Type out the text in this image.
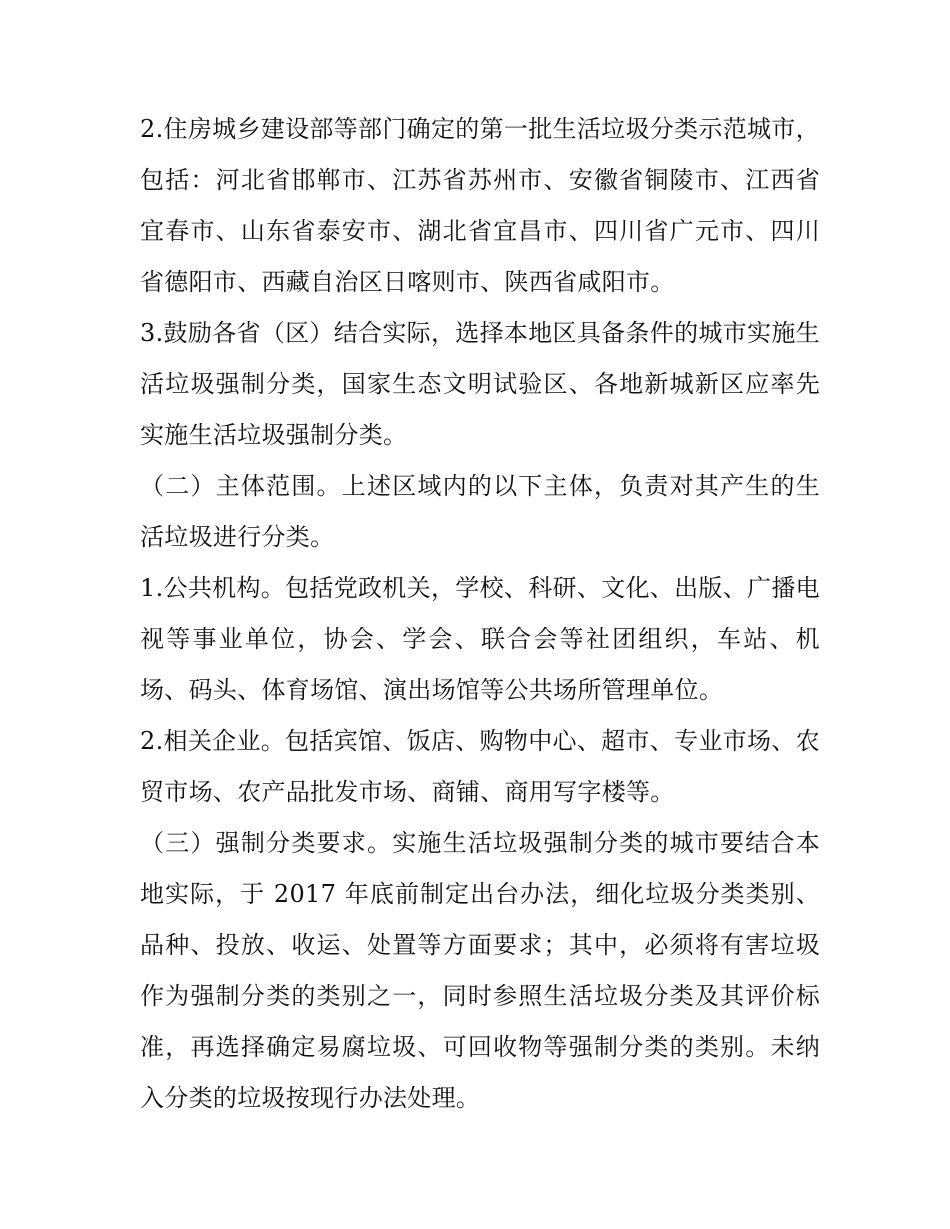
2.住房城乡建设部等部门确定的第一批生活垃圾分类示范城市，包括：河北省邯郸市、江苏省苏州市、安徽省铜陵市、江西省宜春市、山东省泰安市、湖北省宜昌市、四川省广元市、四川省德阳市、西藏自治区日喀则市、陕西省咸阳市。

3.鼓励各省（区）结合实际，选择本地区具备条件的城市实施生活垃圾强制分类，国家生态文明试验区、各地新城新区应率先实施生活垃圾强制分类。

（二）主体范围。上述区域内的以下主体，负责对其产生的生活垃圾进行分类。

1.公共机构。包括党政机关，学校、科研、文化、出版、广播电视等事业单位，协会、学会、联合会等社团组织，车站、机场、码头、体育场馆、演出场馆等公共场所管理单位。

2.相关企业。包括宾馆、饭店、购物中心、超市、专业市场、农贸市场、农产品批发市场、商铺、商用写字楼等。

（三）强制分类要求。实施生活垃圾强制分类的城市要结合本地实际，于 2017 年底前制定出台办法，细化垃圾分类类别、品种、投放、收运、处置等方面要求；其中，必须将有害垃圾作为强制分类的类别之一，同时参照生活垃圾分类及其评价标准，再选择确定易腐垃圾、可回收物等强制分类的类别。未纳入分类的垃圾按现行办法处理。
